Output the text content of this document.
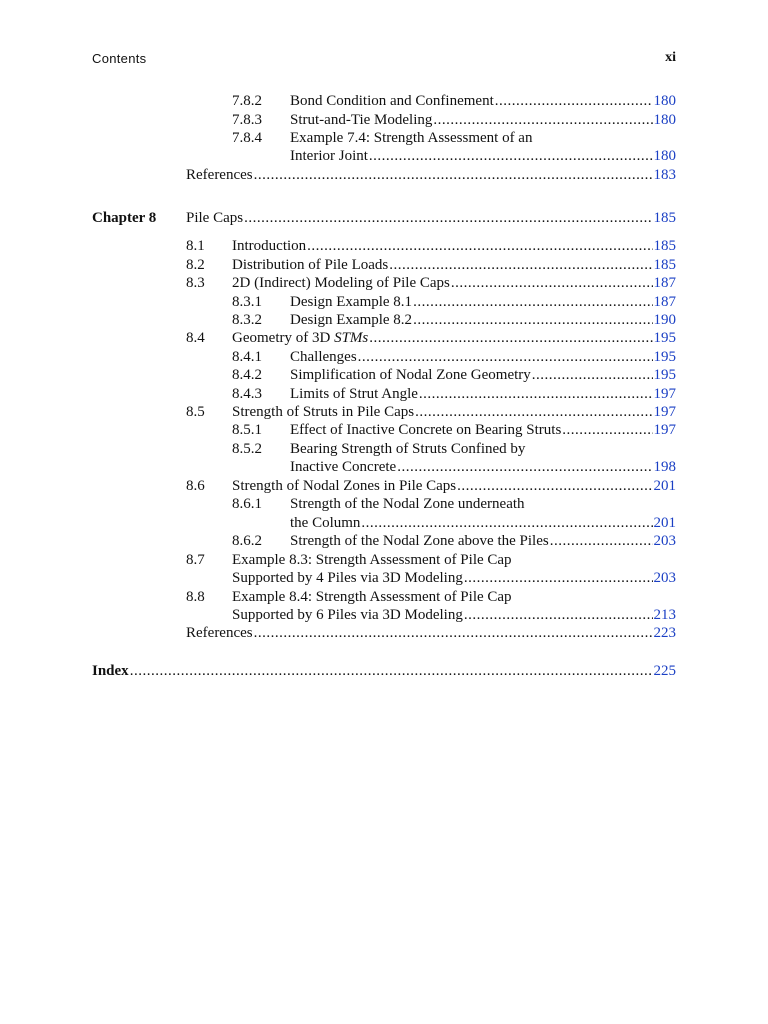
Contents	xi
7.8.2	Bond Condition and Confinement .....	180
7.8.3	Strut-and-Tie Modeling .....	180
7.8.4	Example 7.4: Strength Assessment of an
Interior Joint .....	180
References .....	183
Chapter 8	Pile Caps .....	185
8.1	Introduction .....	185
8.2	Distribution of Pile Loads .....	185
8.3	2D (Indirect) Modeling of Pile Caps .....	187
8.3.1	Design Example 8.1 .....	187
8.3.2	Design Example 8.2 .....	190
8.4	Geometry of 3D STMs .....	195
8.4.1	Challenges .....	195
8.4.2	Simplification of Nodal Zone Geometry .....	195
8.4.3	Limits of Strut Angle .....	197
8.5	Strength of Struts in Pile Caps .....	197
8.5.1	Effect of Inactive Concrete on Bearing Struts .....	197
8.5.2	Bearing Strength of Struts Confined by
Inactive Concrete .....	198
8.6	Strength of Nodal Zones in Pile Caps .....	201
8.6.1	Strength of the Nodal Zone underneath
the Column .....	201
8.6.2	Strength of the Nodal Zone above the Piles .....	203
8.7	Example 8.3: Strength Assessment of Pile Cap
Supported by 4 Piles via 3D Modeling .....	203
8.8	Example 8.4: Strength Assessment of Pile Cap
Supported by 6 Piles via 3D Modeling .....	213
References .....	223
Index .....	225
